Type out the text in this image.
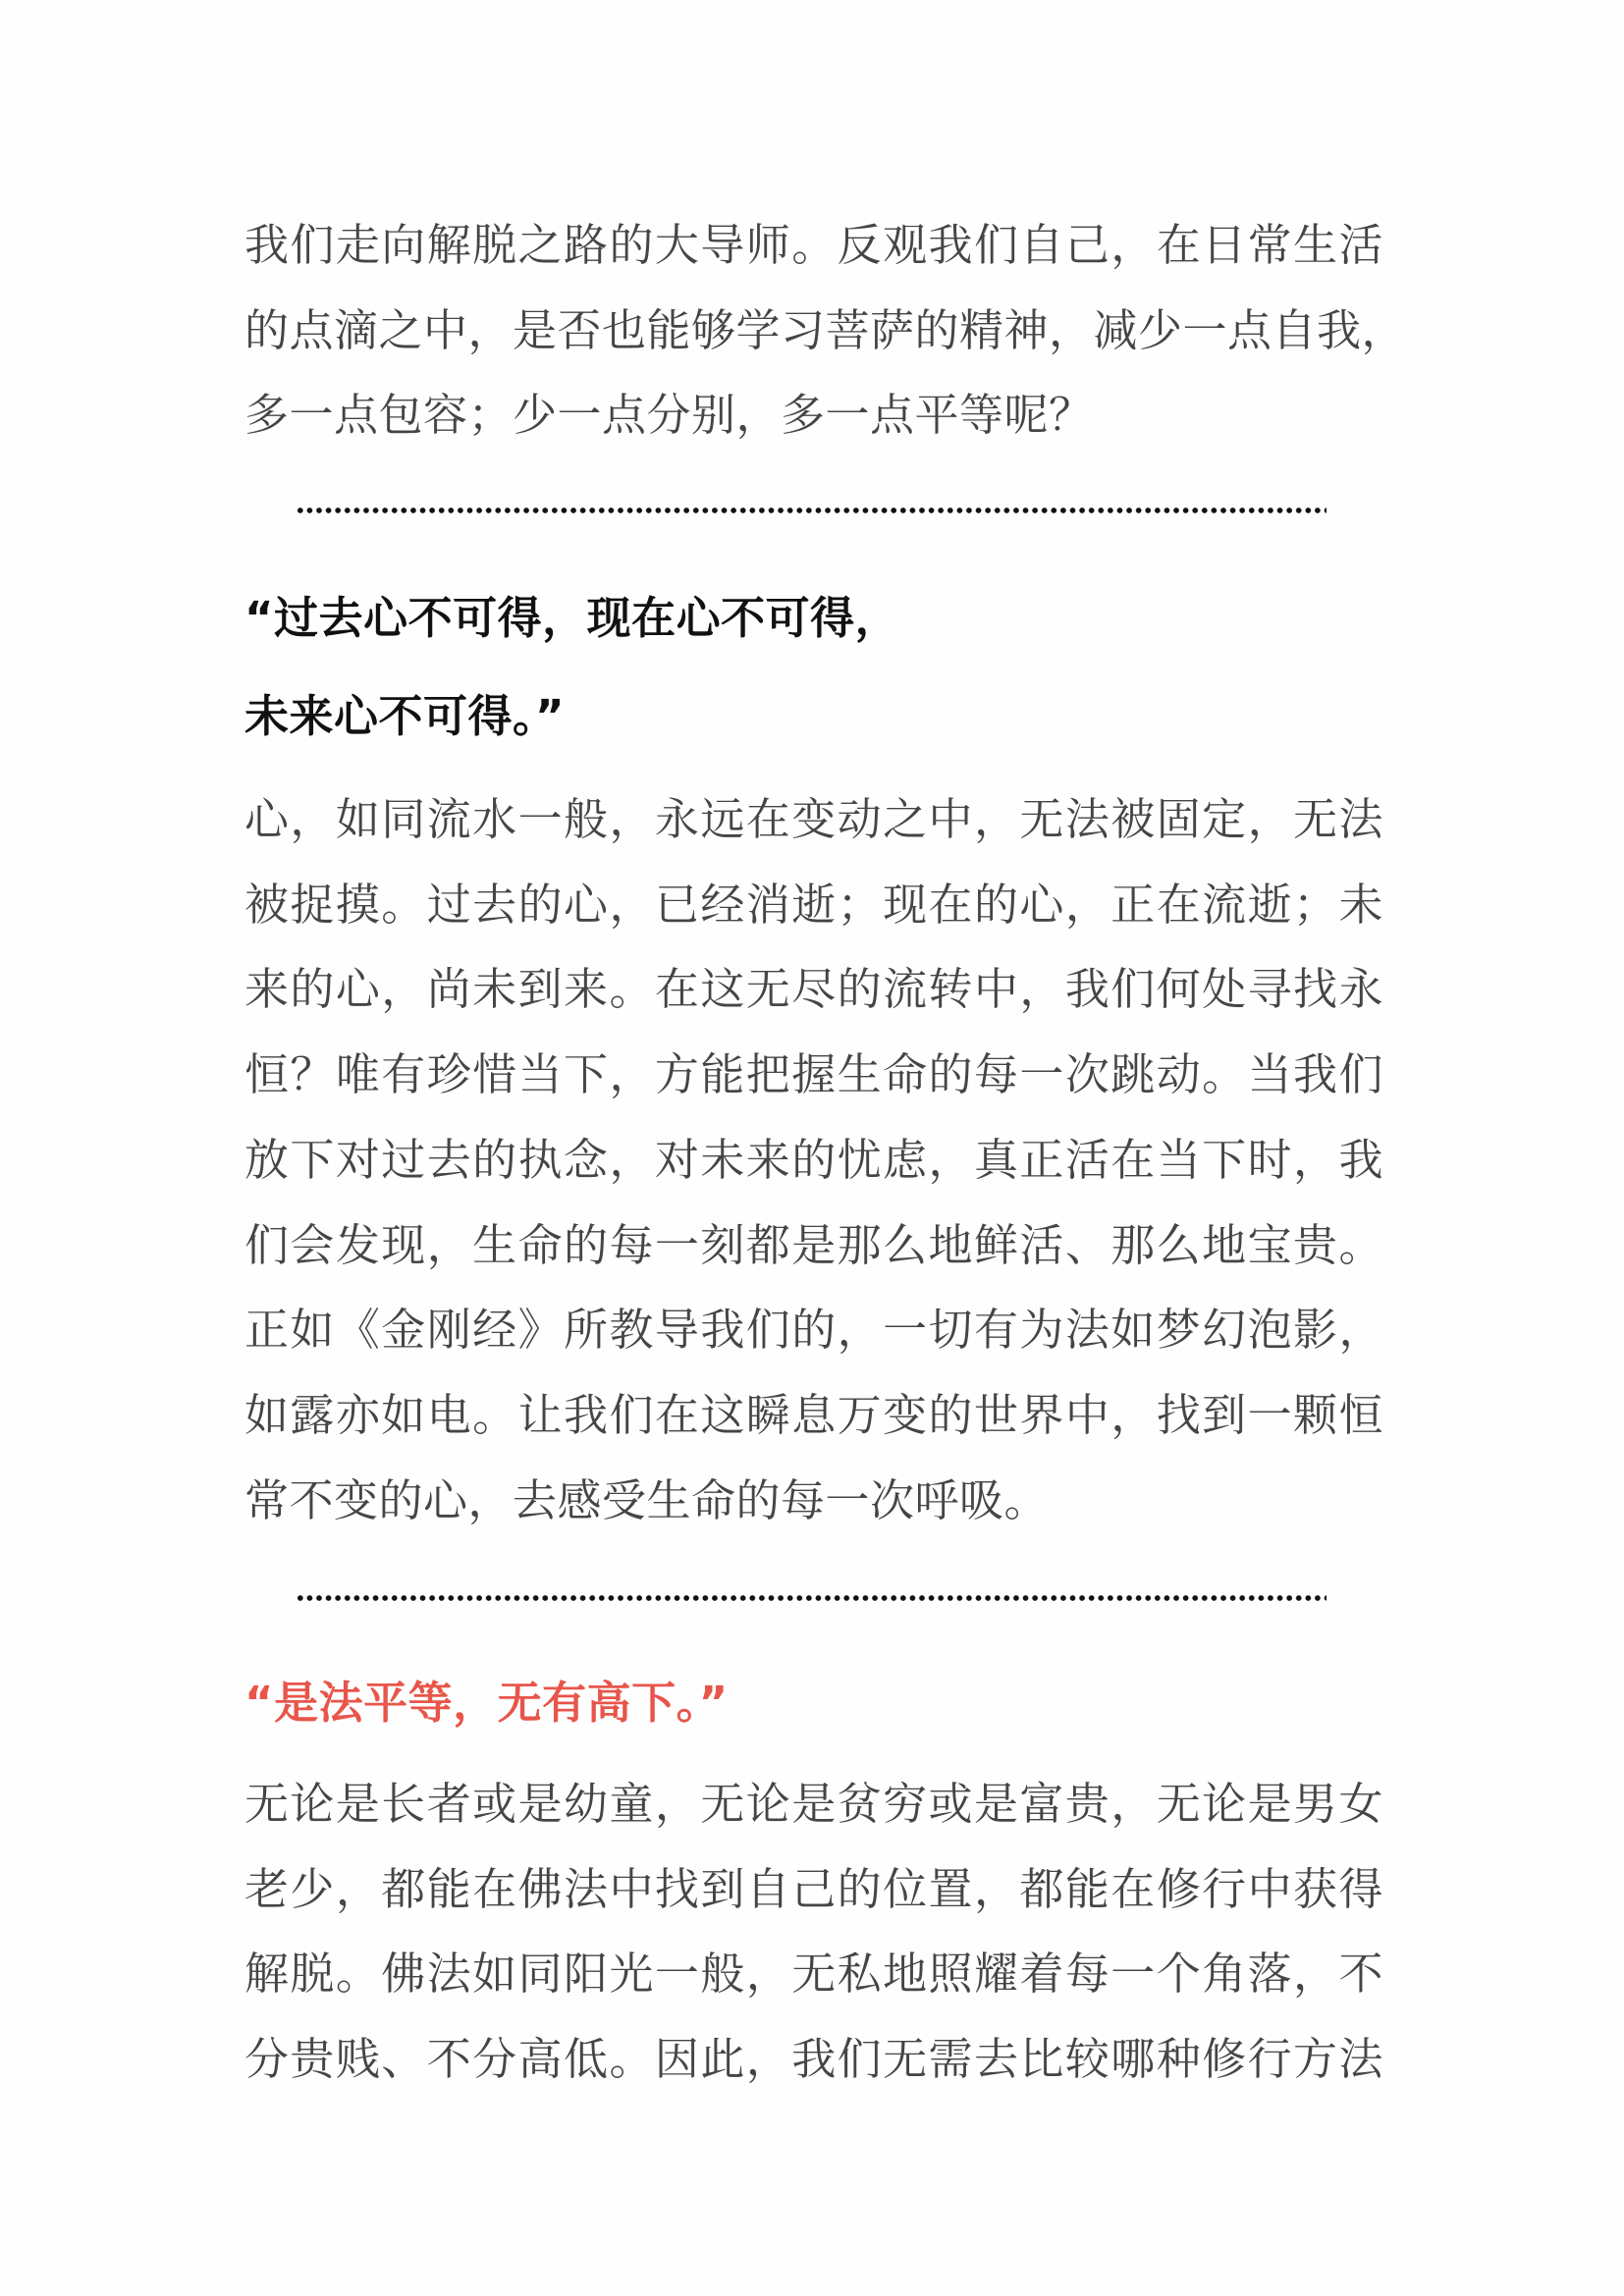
我们走向解脱之路的大导师。反观我们自己，在日常生活
的点滴之中，是否也能够学习菩萨的精神，减少一点自我，
多一点包容；少一点分别，多一点平等呢？

“过去心不可得，现在心不可得，
未来心不可得。”

心，如同流水一般，永远在变动之中，无法被固定，无法
被捉摸。过去的心，已经消逝；现在的心，正在流逝；未
来的心，尚未到来。在这无尽的流转中，我们何处寻找永
恒？唯有珍惜当下，方能把握生命的每一次跳动。当我们
放下对过去的执念，对未来的忧虑，真正活在当下时，我
们会发现，生命的每一刻都是那么地鲜活、那么地宝贵。
正如《金刚经》所教导我们的，一切有为法如梦幻泡影，
如露亦如电。让我们在这瞬息万变的世界中，找到一颗恒
常不变的心，去感受生命的每一次呼吸。

“是法平等，无有高下。”

无论是长者或是幼童，无论是贫穷或是富贵，无论是男女
老少，都能在佛法中找到自己的位置，都能在修行中获得
解脱。佛法如同阳光一般，无私地照耀着每一个角落，不
分贵贱、不分高低。因此，我们无需去比较哪种修行方法
